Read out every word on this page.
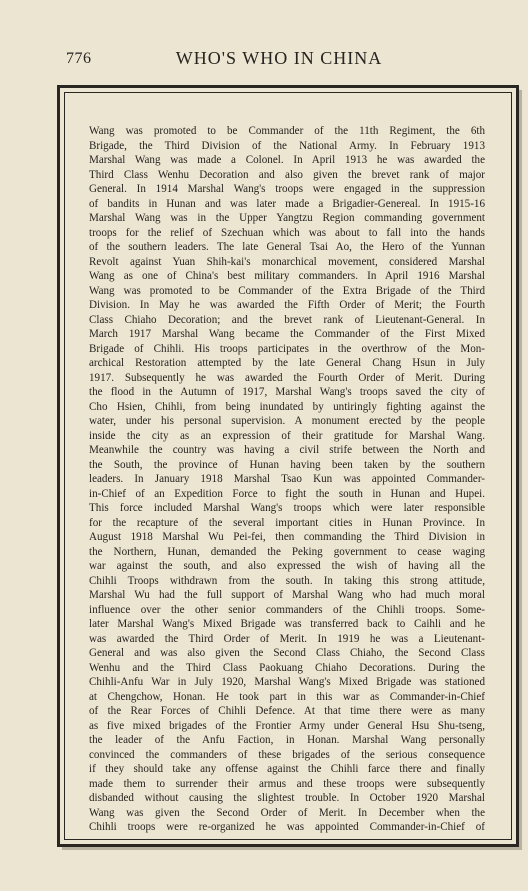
776	WHO'S WHO IN CHINA
Wang was promoted to be Commander of the 11th Regiment, the 6th
Brigade, the Third Division of the National Army. In February 1913
Marshal Wang was made a Colonel. In April 1913 he was awarded the
Third Class Wenhu Decoration and also given the brevet rank of major
General. In 1914 Marshal Wang's troops were engaged in the suppression
of bandits in Hunan and was later made a Brigadier-Genereal. In 1915-16
Marshal Wang was in the Upper Yangtzu Region commanding government
troops for the relief of Szechuan which was about to fall into the hands
of the southern leaders. The late General Tsai Ao, the Hero of the Yunnan
Revolt against Yuan Shih-kai's monarchical movement, considered Marshal
Wang as one of China's best military commanders. In April 1916 Marshal
Wang was promoted to be Commander of the Extra Brigade of the Third
Division. In May he was awarded the Fifth Order of Merit; the Fourth
Class Chiaho Decoration; and the brevet rank of Lieutenant-General. In
March 1917 Marshal Wang became the Commander of the First Mixed
Brigade of Chihli. His troops participates in the overthrow of the Mon-
archical Restoration attempted by the late General Chang Hsun in July
1917. Subsequently he was awarded the Fourth Order of Merit. During
the flood in the Autumn of 1917, Marshal Wang's troops saved the city of
Cho Hsien, Chihli, from being inundated by untiringly fighting against the
water, under his personal supervision. A monument erected by the people
inside the city as an expression of their gratitude for Marshal Wang.
Meanwhile the country was having a civil strife between the North and
the South, the province of Hunan having been taken by the southern
leaders. In January 1918 Marshal Tsao Kun was appointed Commander-
in-Chief of an Expedition Force to fight the south in Hunan and Hupei.
This force included Marshal Wang's troops which were later responsible
for the recapture of the several important cities in Hunan Province. In
August 1918 Marshal Wu Pei-fei, then commanding the Third Division in
the Northern, Hunan, demanded the Peking government to cease waging
war against the south, and also expressed the wish of having all the
Chihli Troops withdrawn from the south. In taking this strong attitude,
Marshal Wu had the full support of Marshal Wang who had much moral
influence over the other senior commanders of the Chihli troops. Some-
later Marshal Wang's Mixed Brigade was transferred back to Caihli and he
was awarded the Third Order of Merit. In 1919 he was a Lieutenant-
General and was also given the Second Class Chiaho, the Second Class
Wenhu and the Third Class Paokuang Chiaho Decorations. During the
Chihli-Anfu War in July 1920, Marshal Wang's Mixed Brigade was stationed
at Chengchow, Honan. He took part in this war as Commander-in-Chief
of the Rear Forces of Chihli Defence. At that time there were as many
as five mixed brigades of the Frontier Army under General Hsu Shu-tseng,
the leader of the Anfu Faction, in Honan. Marshal Wang personally
convinced the commanders of these brigades of the serious consequence
if they should take any offense against the Chihli farce there and finally
made them to surrender their armus and these troops were subsequently
disbanded without causing the slightest trouble. In October 1920 Marshal
Wang was given the Second Order of Merit. In December when the
Chihli troops were re-organized he was appointed Commander-in-Chief of
